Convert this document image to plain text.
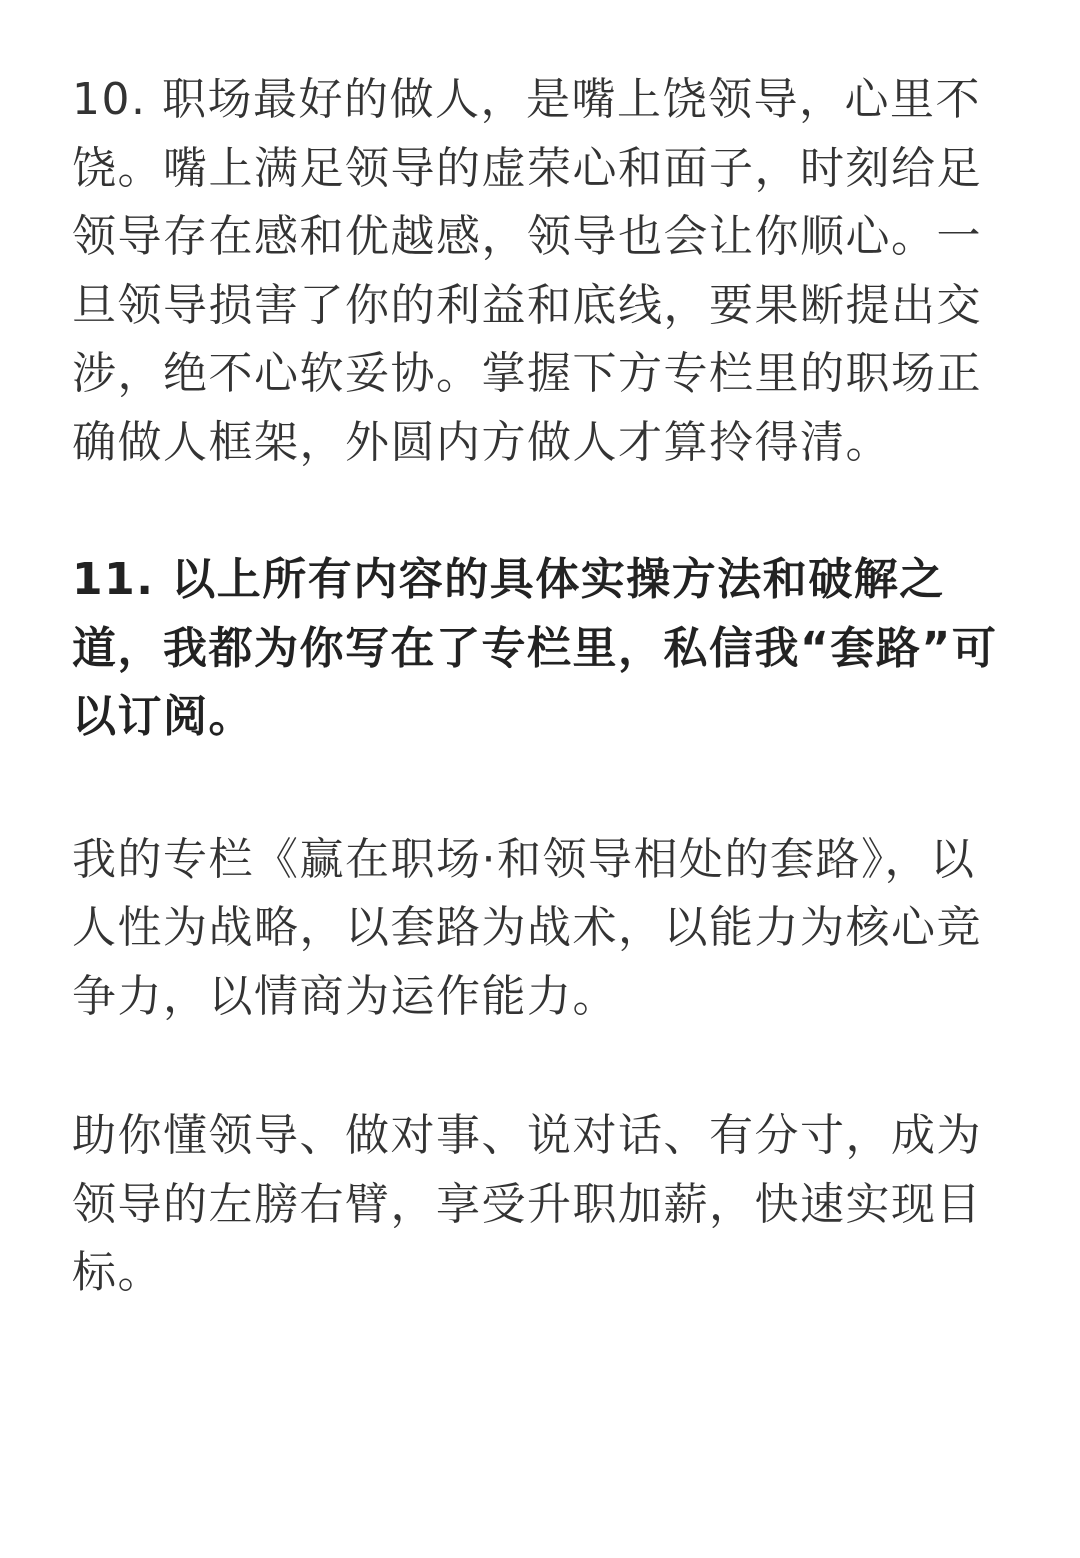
10. 职场最好的做人，是嘴上饶领导，心里不饶。嘴上满足领导的虚荣心和面子，时刻给足领导存在感和优越感，领导也会让你顺心。一旦领导损害了你的利益和底线，要果断提出交涉，绝不心软妥协。掌握下方专栏里的职场正确做人框架，外圆内方做人才算拎得清。

11. 以上所有内容的具体实操方法和破解之道，我都为你写在了专栏里，私信我“套路”可以订阅。

我的专栏《赢在职场·和领导相处的套路》，以人性为战略，以套路为战术，以能力为核心竞争力，以情商为运作能力。

助你懂领导、做对事、说对话、有分寸，成为领导的左膀右臂，享受升职加薪，快速实现目标。
